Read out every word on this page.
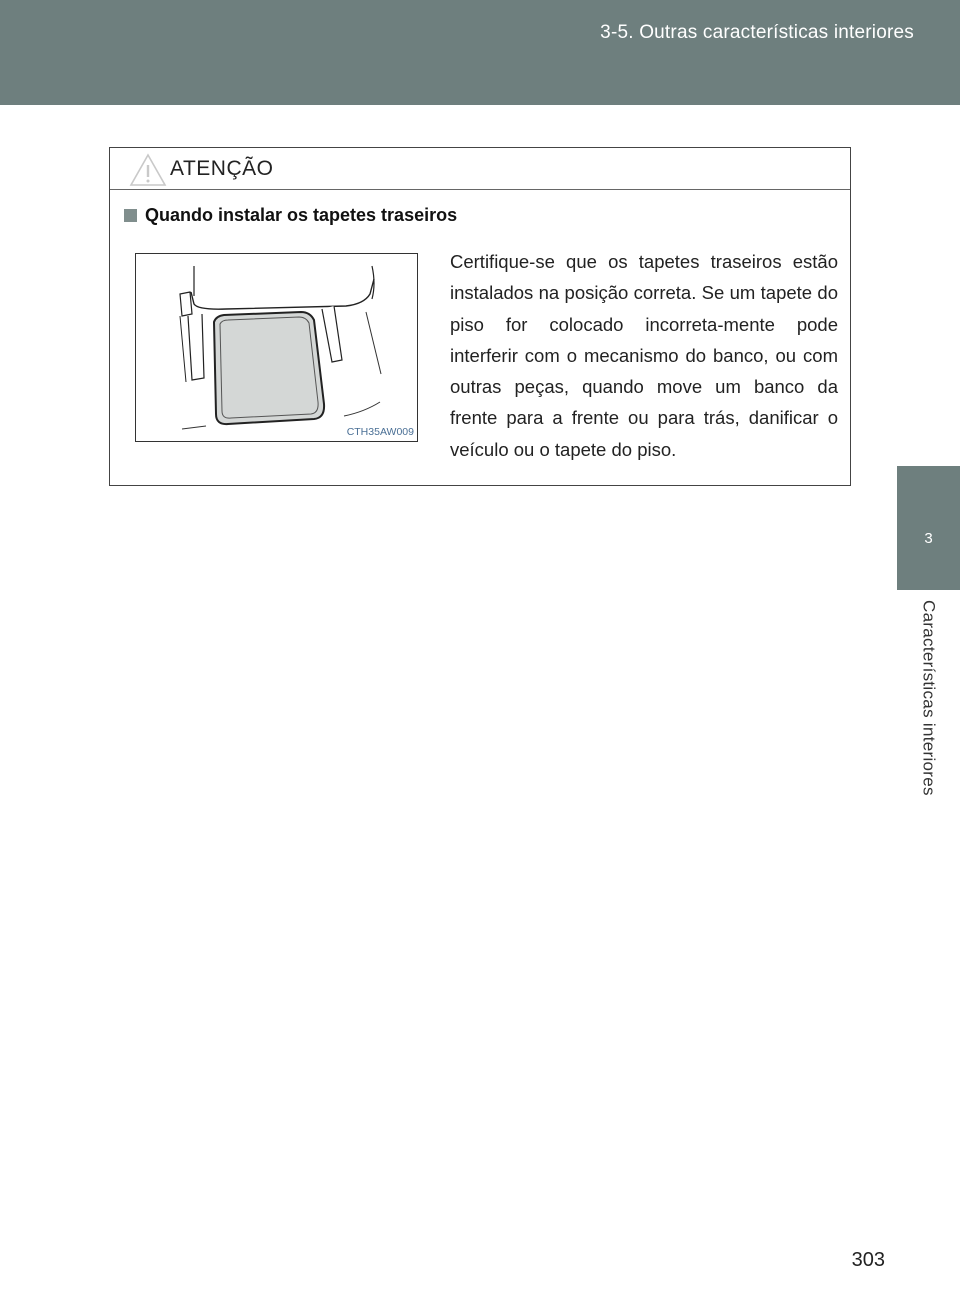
3-5. Outras características interiores
3
Características interiores
ATENÇÃO
Quando instalar os tapetes traseiros
CTH35AW009
Certifique-se que os tapetes traseiros estão instalados na posição correta. Se um tapete do piso for colocado incorreta-mente pode interferir com o mecanismo do banco, ou com outras peças, quando move um banco da frente para a frente ou para trás, danificar o veículo ou o tapete do piso.
303
